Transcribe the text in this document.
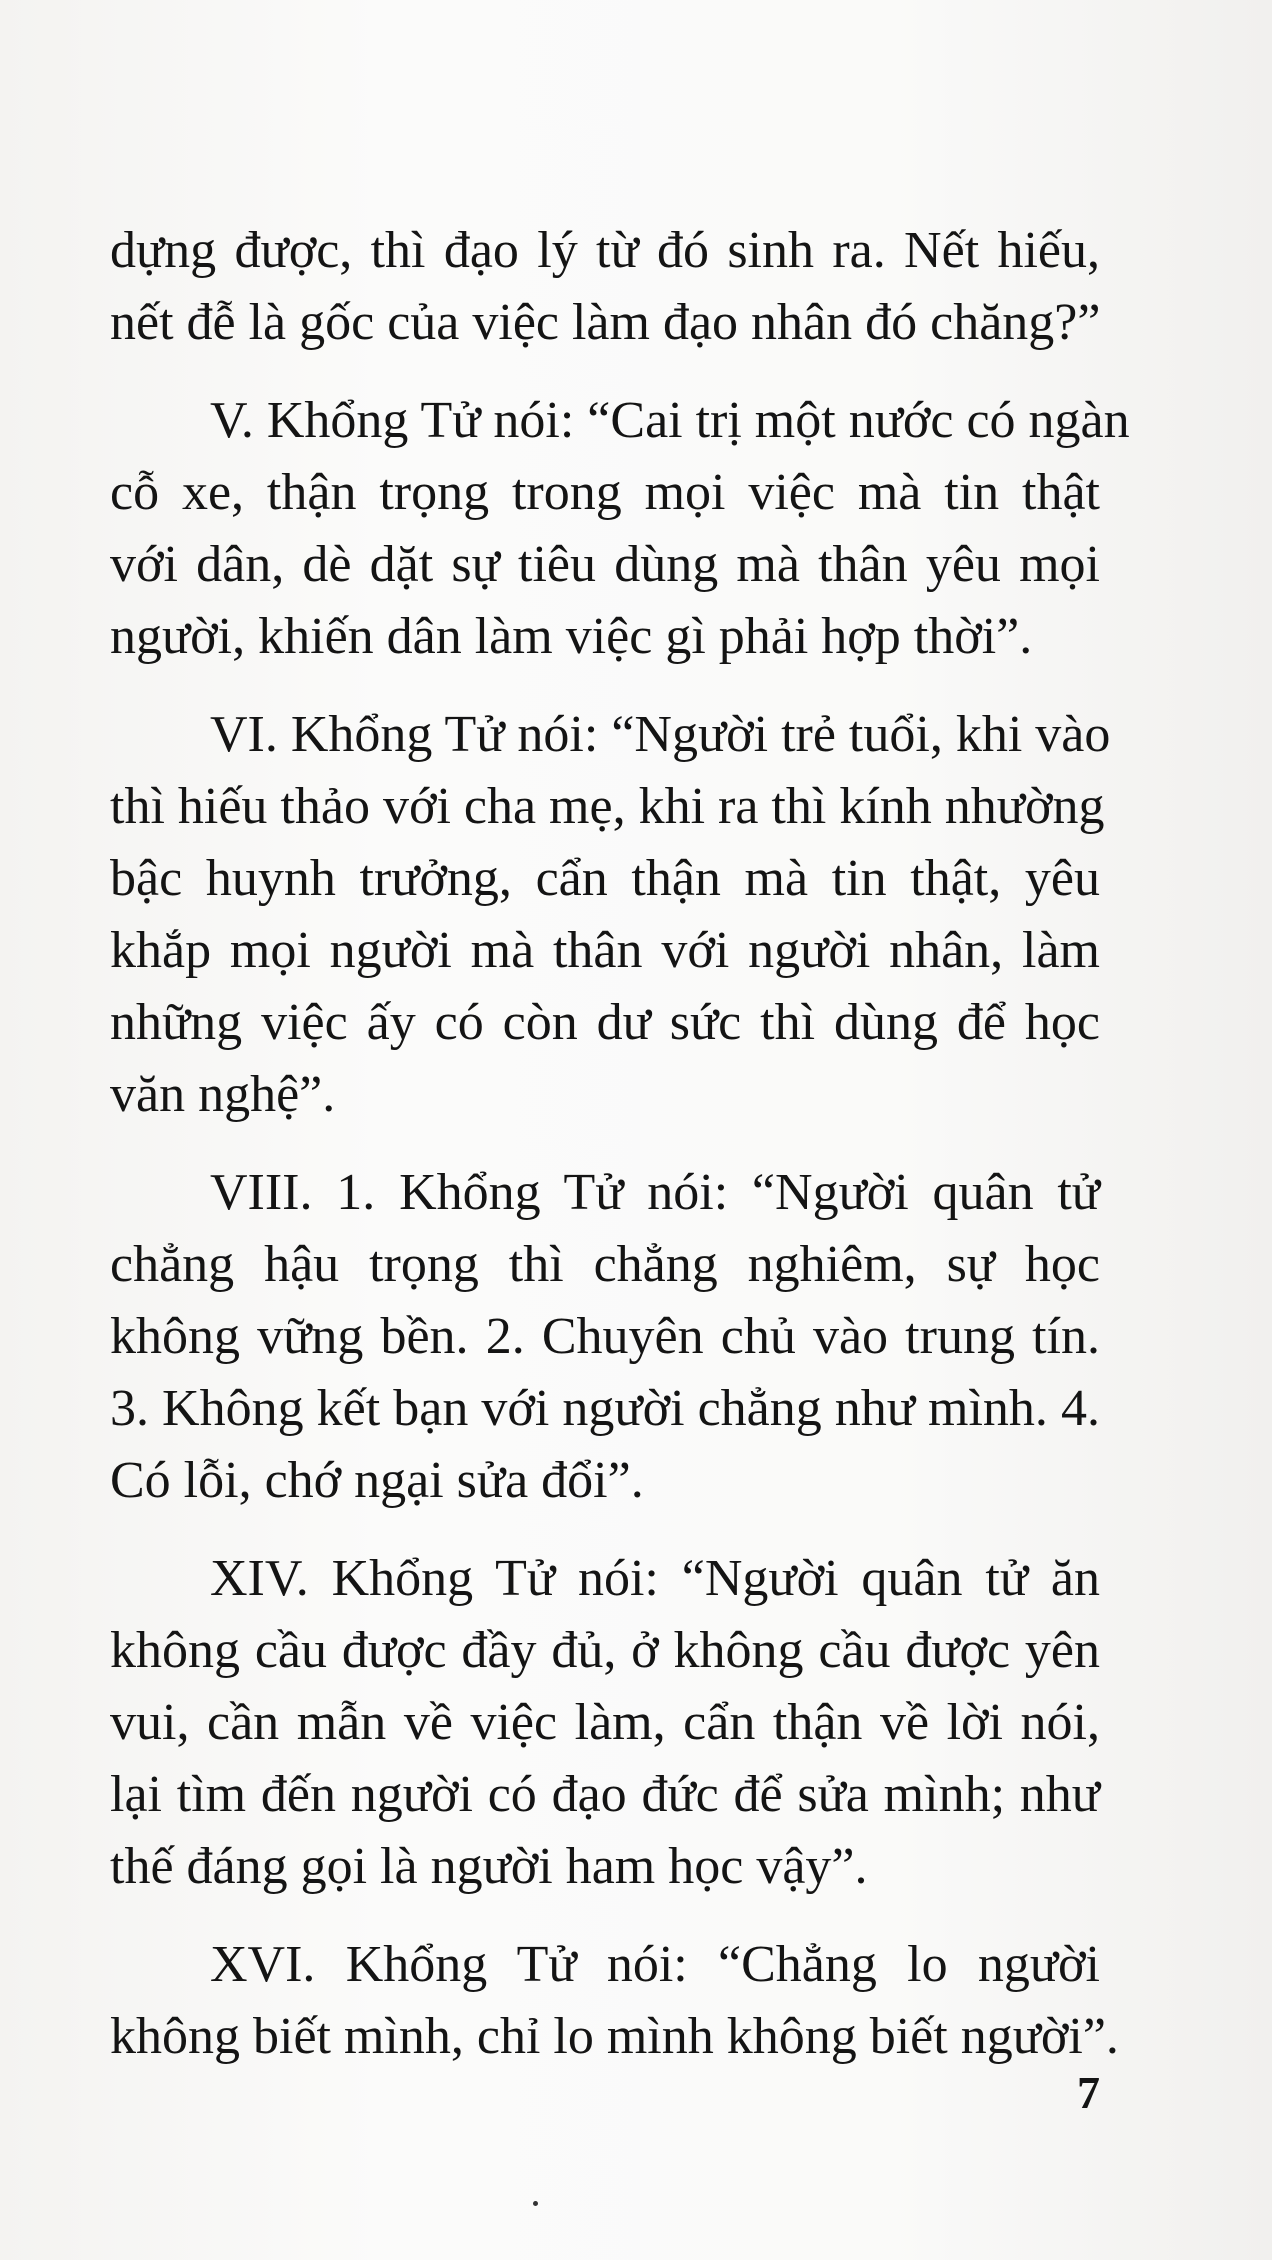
dựng được, thì đạo lý từ đó sinh ra. Nết hiếu,
nết đễ là gốc của việc làm đạo nhân đó chăng?”

V. Khổng Tử nói: “Cai trị một nước có ngàn
cỗ xe, thận trọng trong mọi việc mà tin thật
với dân, dè dặt sự tiêu dùng mà thân yêu mọi
người, khiến dân làm việc gì phải hợp thời”.

VI. Khổng Tử nói: “Người trẻ tuổi, khi vào
thì hiếu thảo với cha mẹ, khi ra thì kính nhường
bậc huynh trưởng, cẩn thận mà tin thật, yêu
khắp mọi người mà thân với người nhân, làm
những việc ấy có còn dư sức thì dùng để học
văn nghệ”.

VIII. 1. Khổng Tử nói: “Người quân tử
chẳng hậu trọng thì chẳng nghiêm, sự học
không vững bền. 2. Chuyên chủ vào trung tín.
3. Không kết bạn với người chẳng như mình. 4.
Có lỗi, chớ ngại sửa đổi”.

XIV. Khổng Tử nói: “Người quân tử ăn
không cầu được đầy đủ, ở không cầu được yên
vui, cần mẫn về việc làm, cẩn thận về lời nói,
lại tìm đến người có đạo đức để sửa mình; như
thế đáng gọi là người ham học vậy”.

XVI. Khổng Tử nói: “Chẳng lo người
không biết mình, chỉ lo mình không biết người”.

7
